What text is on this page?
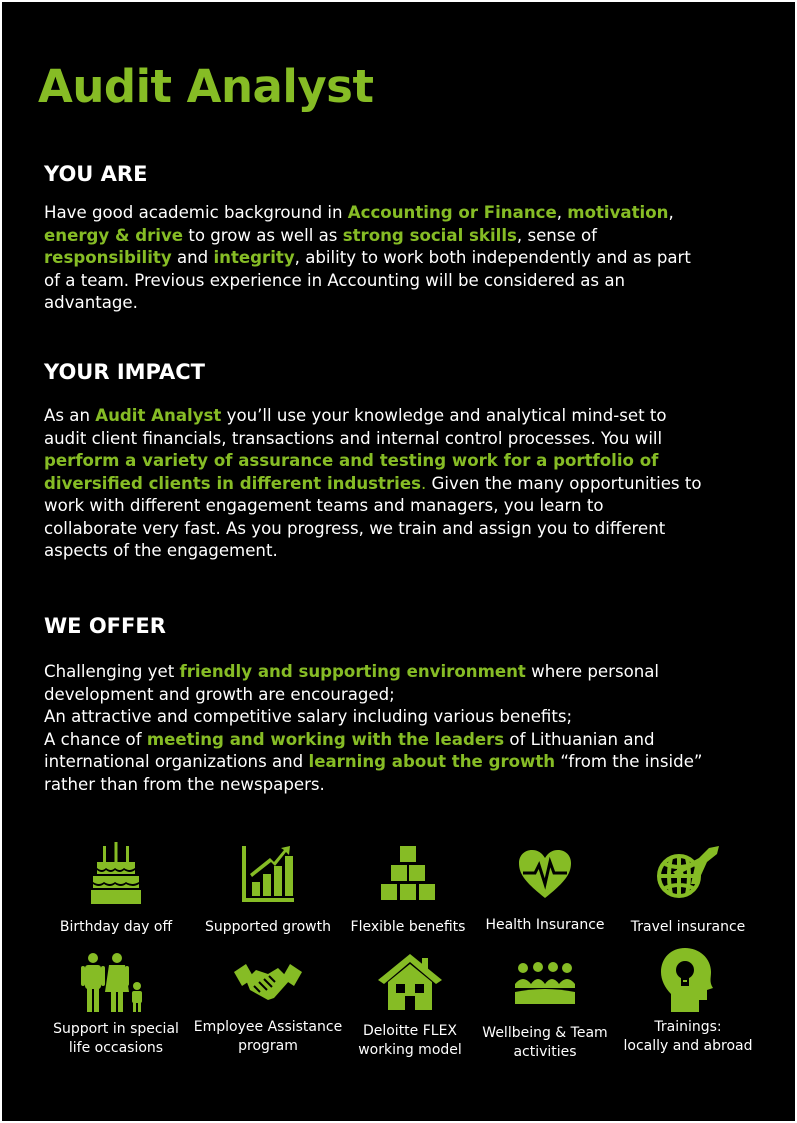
Audit Analyst
YOU ARE
Have good academic background in Accounting or Finance, motivation,
energy & drive to grow as well as strong social skills, sense of
responsibility and integrity, ability to work both independently and as part
of a team. Previous experience in Accounting will be considered as an
advantage.
YOUR IMPACT
As an Audit Analyst you’ll use your knowledge and analytical mind-set to
audit client financials, transactions and internal control processes. You will
perform a variety of assurance and testing work for a portfolio of
diversified clients in different industries. Given the many opportunities to
work with different engagement teams and managers, you learn to
collaborate very fast. As you progress, we train and assign you to different
aspects of the engagement.
WE OFFER
Challenging yet friendly and supporting environment where personal
development and growth are encouraged;
An attractive and competitive salary including various benefits;
A chance of meeting and working with the leaders of Lithuanian and
international organizations and learning about the growth “from the inside”
rather than from the newspapers.
Birthday day off	Supported growth	Flexible benefits	Health Insurance	Travel insurance
Support in special
life occasions
Employee Assistance
program
Deloitte FLEX
working model
Wellbeing & Team
activities
Trainings:
locally and abroad
